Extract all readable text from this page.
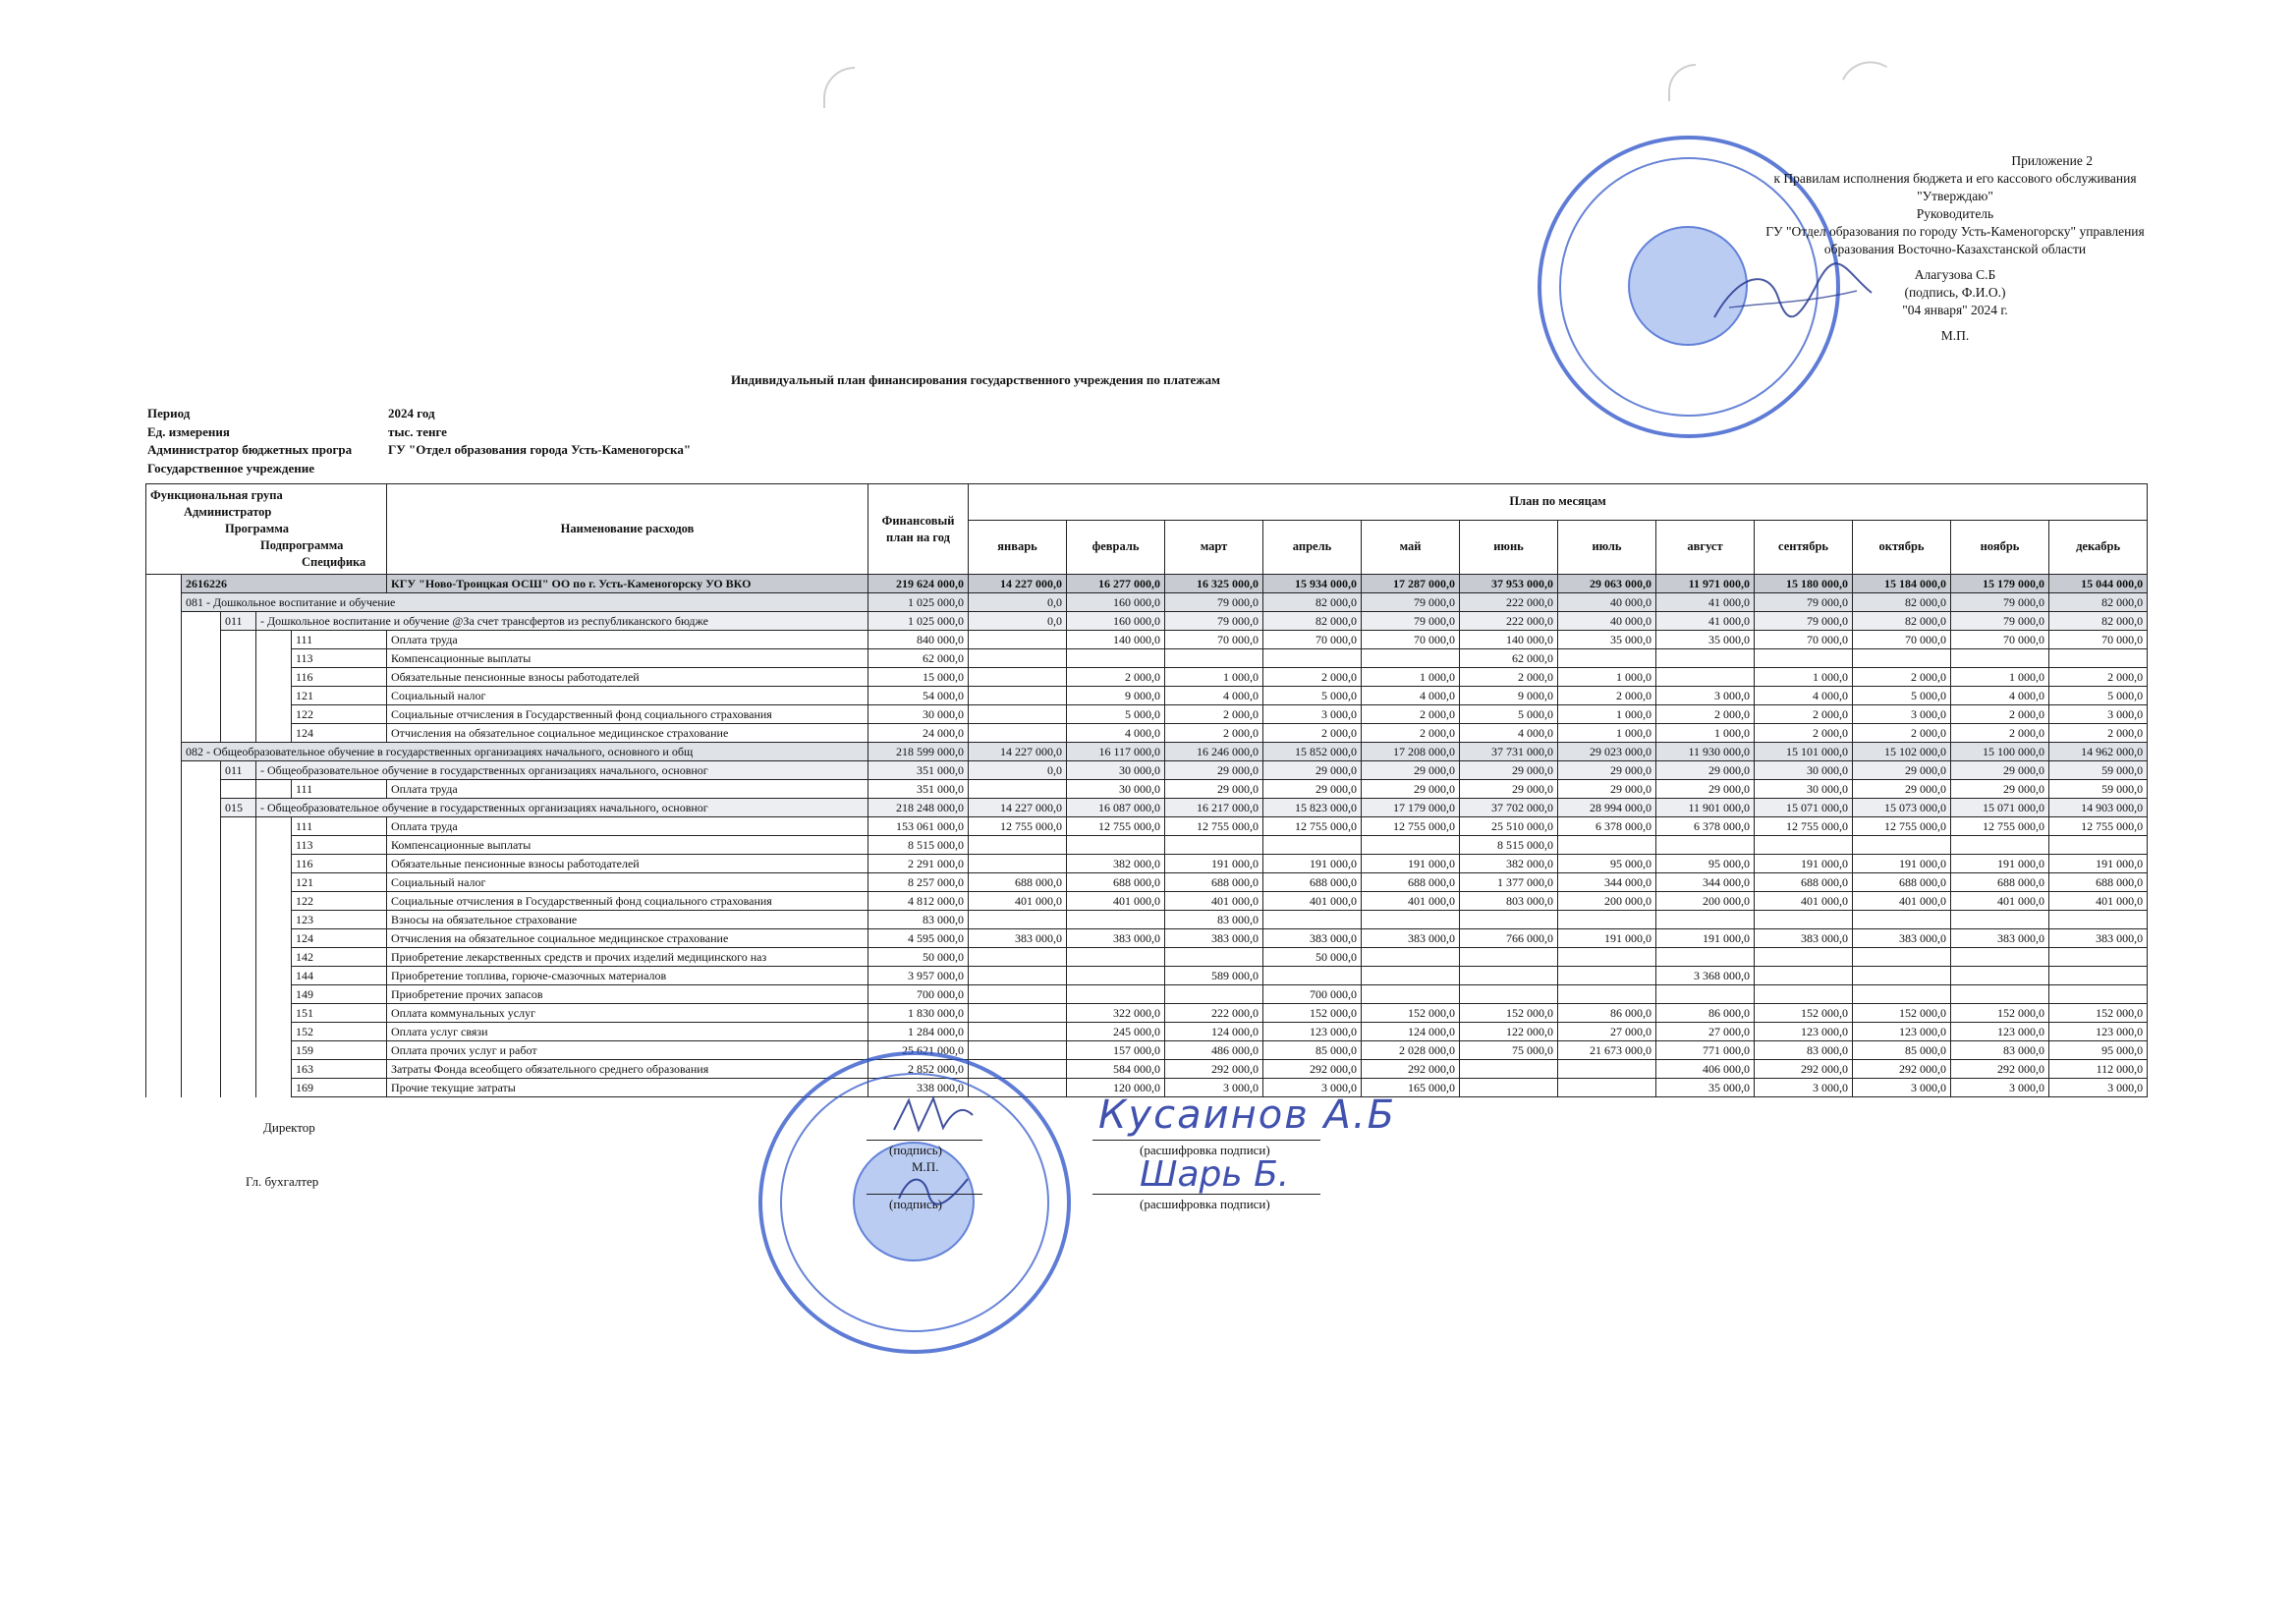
Приложение 2
к Правилам исполнения бюджета и его кассового обслуживания
"Утверждаю"
Руководитель
ГУ "Отдел образования по городу Усть-Каменогорску" управления
образования Восточно-Казахстанской области
Алагузова С.Б
(подпись, Ф.И.О.)
"04 января" 2024 г.
М.П.
Индивидуальный план финансирования государственного учреждения по платежам
Период	2024 год
Ед. измерения	тыс. тенге
Администратор бюджетных програ	ГУ "Отдел образования города Усть-Каменогорска"
Государственное учреждение
Функциональная група
Администратор
Программа
Подпрограмма
Специфика					Наименование расходов	Финансовый план на год	План по месяцам											
							январь	февраль	март	апрель	май	июнь	июль	август	сентябрь	октябрь	ноябрь	декабрь
	2616226				КГУ "Ново-Троицкая ОСШ" ОО по г. Усть-Каменогорску УО ВКО	219 624 000,0	14 227 000,0	16 277 000,0	16 325 000,0	15 934 000,0	17 287 000,0	37 953 000,0	29 063 000,0	11 971 000,0	15 180 000,0	15 184 000,0	15 179 000,0	15 044 000,0
	081 - Дошкольное воспитание и обучение					1 025 000,0	0,0	160 000,0	79 000,0	82 000,0	79 000,0	222 000,0	40 000,0	41 000,0	79 000,0	82 000,0	79 000,0	82 000,0
		011	- Дошкольное воспитание и обучение @За счет трансфертов из республиканского бюдже			1 025 000,0	0,0	160 000,0	79 000,0	82 000,0	79 000,0	222 000,0	40 000,0	41 000,0	79 000,0	82 000,0	79 000,0	82 000,0
				111	Оплата труда	840 000,0		140 000,0	70 000,0	70 000,0	70 000,0	140 000,0	35 000,0	35 000,0	70 000,0	70 000,0	70 000,0	70 000,0
				113	Компенсационные выплаты	62 000,0						62 000,0						
				116	Обязательные пенсионные взносы работодателей	15 000,0		2 000,0	1 000,0	2 000,0	1 000,0	2 000,0	1 000,0		1 000,0	2 000,0	1 000,0	2 000,0
				121	Социальный налог	54 000,0		9 000,0	4 000,0	5 000,0	4 000,0	9 000,0	2 000,0	3 000,0	4 000,0	5 000,0	4 000,0	5 000,0
				122	Социальные отчисления в Государственный фонд социального страхования	30 000,0		5 000,0	2 000,0	3 000,0	2 000,0	5 000,0	1 000,0	2 000,0	2 000,0	3 000,0	2 000,0	3 000,0
				124	Отчисления на обязательное социальное медицинское страхование	24 000,0		4 000,0	2 000,0	2 000,0	2 000,0	4 000,0	1 000,0	1 000,0	2 000,0	2 000,0	2 000,0	2 000,0
	082 - Общеобразовательное обучение в государственных организациях начального, основного и общ					218 599 000,0	14 227 000,0	16 117 000,0	16 246 000,0	15 852 000,0	17 208 000,0	37 731 000,0	29 023 000,0	11 930 000,0	15 101 000,0	15 102 000,0	15 100 000,0	14 962 000,0
		011	- Общеобразовательное обучение в государственных организациях начального, основног			351 000,0	0,0	30 000,0	29 000,0	29 000,0	29 000,0	29 000,0	29 000,0	29 000,0	30 000,0	29 000,0	29 000,0	59 000,0
				111	Оплата труда	351 000,0		30 000,0	29 000,0	29 000,0	29 000,0	29 000,0	29 000,0	29 000,0	30 000,0	29 000,0	29 000,0	59 000,0
		015	- Общеобразовательное обучение в государственных организациях начального, основног			218 248 000,0	14 227 000,0	16 087 000,0	16 217 000,0	15 823 000,0	17 179 000,0	37 702 000,0	28 994 000,0	11 901 000,0	15 071 000,0	15 073 000,0	15 071 000,0	14 903 000,0
				111	Оплата труда	153 061 000,0	12 755 000,0	12 755 000,0	12 755 000,0	12 755 000,0	12 755 000,0	25 510 000,0	6 378 000,0	6 378 000,0	12 755 000,0	12 755 000,0	12 755 000,0	12 755 000,0
				113	Компенсационные выплаты	8 515 000,0						8 515 000,0						
				116	Обязательные пенсионные взносы работодателей	2 291 000,0		382 000,0	191 000,0	191 000,0	191 000,0	382 000,0	95 000,0	95 000,0	191 000,0	191 000,0	191 000,0	191 000,0
				121	Социальный налог	8 257 000,0	688 000,0	688 000,0	688 000,0	688 000,0	688 000,0	1 377 000,0	344 000,0	344 000,0	688 000,0	688 000,0	688 000,0	688 000,0
				122	Социальные отчисления в Государственный фонд социального страхования	4 812 000,0	401 000,0	401 000,0	401 000,0	401 000,0	401 000,0	803 000,0	200 000,0	200 000,0	401 000,0	401 000,0	401 000,0	401 000,0
				123	Взносы на обязательное страхование	83 000,0			83 000,0									
				124	Отчисления на обязательное социальное медицинское страхование	4 595 000,0	383 000,0	383 000,0	383 000,0	383 000,0	383 000,0	766 000,0	191 000,0	191 000,0	383 000,0	383 000,0	383 000,0	383 000,0
				142	Приобретение лекарственных средств и прочих изделий медицинского наз	50 000,0				50 000,0								
				144	Приобретение топлива, горюче-смазочных материалов	3 957 000,0			589 000,0					3 368 000,0				
				149	Приобретение прочих запасов	700 000,0				700 000,0								
				151	Оплата коммунальных услуг	1 830 000,0		322 000,0	222 000,0	152 000,0	152 000,0	152 000,0	86 000,0	86 000,0	152 000,0	152 000,0	152 000,0	152 000,0
				152	Оплата услуг связи	1 284 000,0		245 000,0	124 000,0	123 000,0	124 000,0	122 000,0	27 000,0	27 000,0	123 000,0	123 000,0	123 000,0	123 000,0
				159	Оплата прочих услуг и работ	25 621 000,0		157 000,0	486 000,0	85 000,0	2 028 000,0	75 000,0	21 673 000,0	771 000,0	83 000,0	85 000,0	83 000,0	95 000,0
				163	Затраты Фонда всеобщего обязательного среднего образования	2 852 000,0		584 000,0	292 000,0	292 000,0	292 000,0			406 000,0	292 000,0	292 000,0	292 000,0	112 000,0
				169	Прочие текущие затраты	338 000,0		120 000,0	3 000,0	3 000,0	165 000,0			35 000,0	3 000,0	3 000,0	3 000,0	3 000,0
Директор
(подпись)
М.П.
Кусаинов А.Б
(расшифровка подписи)
Гл. бухгалтер
(подпись)
Шарь Б.
(расшифровка подписи)
